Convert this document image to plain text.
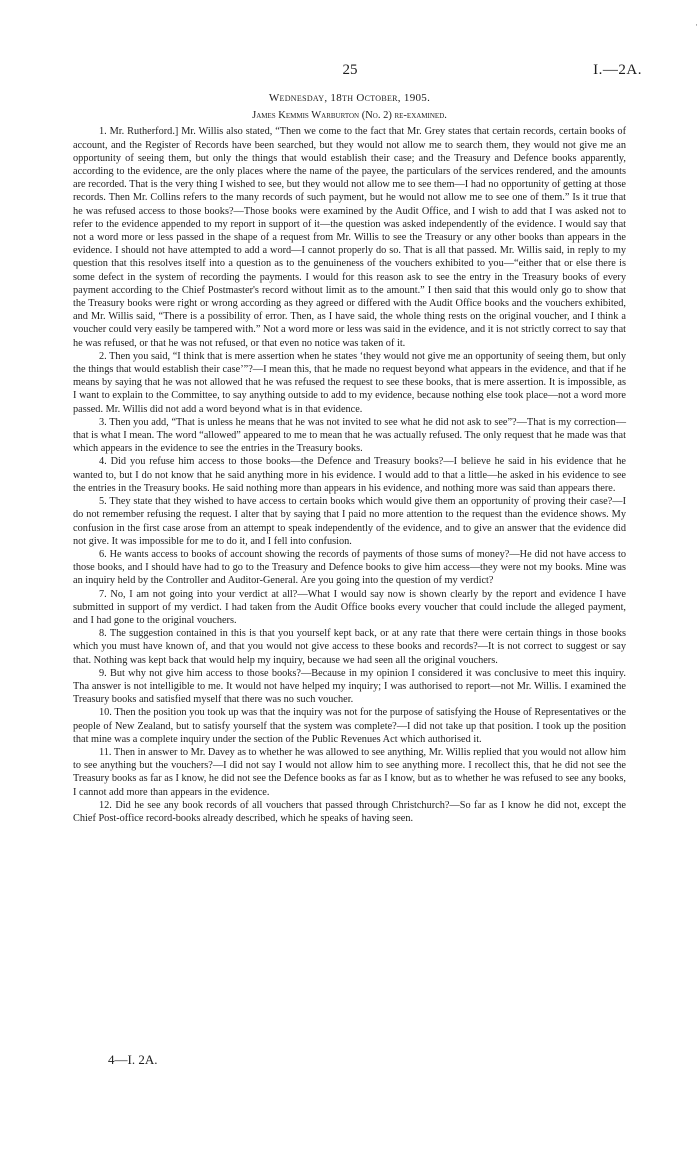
·
25	I.—2A.
Wednesday, 18th October, 1905.
James Kemmis Warburton (No. 2) re-examined.

1. Mr. Rutherford.] Mr. Willis also stated, “Then we come to the fact that Mr. Grey states that certain records, certain books of account, and the Register of Records have been searched, but they would not allow me to search them, they would not give me an opportunity of seeing them, but only the things that would establish their case; and the Treasury and Defence books apparently, according to the evidence, are the only places where the name of the payee, the particulars of the services rendered, and the amounts are recorded. That is the very thing I wished to see, but they would not allow me to see them—I had no opportunity of getting at those records. Then Mr. Collins refers to the many records of such payment, but he would not allow me to see one of them.” Is it true that he was refused access to those books?—Those books were examined by the Audit Office, and I wish to add that I was asked not to refer to the evidence appended to my report in support of it—the question was asked independently of the evidence. I would say that not a word more or less passed in the shape of a request from Mr. Willis to see the Treasury or any other books than appears in the evidence. I should not have attempted to add a word—I cannot properly do so. That is all that passed. Mr. Willis said, in reply to my question that this resolves itself into a question as to the genuineness of the vouchers exhibited to you—“either that or else there is some defect in the system of recording the payments. I would for this reason ask to see the entry in the Treasury books of every payment according to the Chief Postmaster's record without limit as to the amount.” I then said that this would only go to show that the Treasury books were right or wrong according as they agreed or differed with the Audit Office books and the vouchers exhibited, and Mr. Willis said, “There is a possibility of error. Then, as I have said, the whole thing rests on the original voucher, and I think a voucher could very easily be tampered with.” Not a word more or less was said in the evidence, and it is not strictly correct to say that he was refused, or that he was not refused, or that even no notice was taken of it.

2. Then you said, “I think that is mere assertion when he states ‘they would not give me an opportunity of seeing them, but only the things that would establish their case’”?—I mean this, that he made no request beyond what appears in the evidence, and that if he means by saying that he was not allowed that he was refused the request to see these books, that is mere assertion. It is impossible, as I want to explain to the Committee, to say anything outside to add to my evidence, because nothing else took place—not a word more passed. Mr. Willis did not add a word beyond what is in that evidence.

3. Then you add, “That is unless he means that he was not invited to see what he did not ask to see”?—That is my correction—that is what I mean. The word “allowed” appeared to me to mean that he was actually refused. The only request that he made was that which appears in the evidence to see the entries in the Treasury books.

4. Did you refuse him access to those books—the Defence and Treasury books?—I believe he said in his evidence that he wanted to, but I do not know that he said anything more in his evidence. I would add to that a little—he asked in his evidence to see the entries in the Treasury books. He said nothing more than appears in his evidence, and nothing more was said than appears there.

5. They state that they wished to have access to certain books which would give them an opportunity of proving their case?—I do not remember refusing the request. I alter that by saying that I paid no more attention to the request than the evidence shows. My confusion in the first case arose from an attempt to speak independently of the evidence, and to give an answer that the evidence did not give. It was impossible for me to do it, and I fell into confusion.

6. He wants access to books of account showing the records of payments of those sums of money?—He did not have access to those books, and I should have had to go to the Treasury and Defence books to give him access—they were not my books. Mine was an inquiry held by the Controller and Auditor-General. Are you going into the question of my verdict?

7. No, I am not going into your verdict at all?—What I would say now is shown clearly by the report and evidence I have submitted in support of my verdict. I had taken from the Audit Office books every voucher that could include the alleged payment, and I had gone to the original vouchers.

8. The suggestion contained in this is that you yourself kept back, or at any rate that there were certain things in those books which you must have known of, and that you would not give access to these books and records?—It is not correct to suggest or say that. Nothing was kept back that would help my inquiry, because we had seen all the original vouchers.

9. But why not give him access to those books?—Because in my opinion I considered it was conclusive to meet this inquiry. Tha answer is not intelligible to me. It would not have helped my inquiry; I was authorised to report—not Mr. Willis. I examined the Treasury books and satisfied myself that there was no such voucher.

10. Then the position you took up was that the inquiry was not for the purpose of satisfying the House of Representatives or the people of New Zealand, but to satisfy yourself that the system was complete?—I did not take up that position. I took up the position that mine was a complete inquiry under the section of the Public Revenues Act which authorised it.

11. Then in answer to Mr. Davey as to whether he was allowed to see anything, Mr. Willis replied that you would not allow him to see anything but the vouchers?—I did not say I would not allow him to see anything more. I recollect this, that he did not see the Treasury books as far as I know, he did not see the Defence books as far as I know, but as to whether he was refused to see any books, I cannot add more than appears in the evidence.

12. Did he see any book records of all vouchers that passed through Christchurch?—So far as I know he did not, except the Chief Post-office record-books already described, which he speaks of having seen.

4—I. 2A.
